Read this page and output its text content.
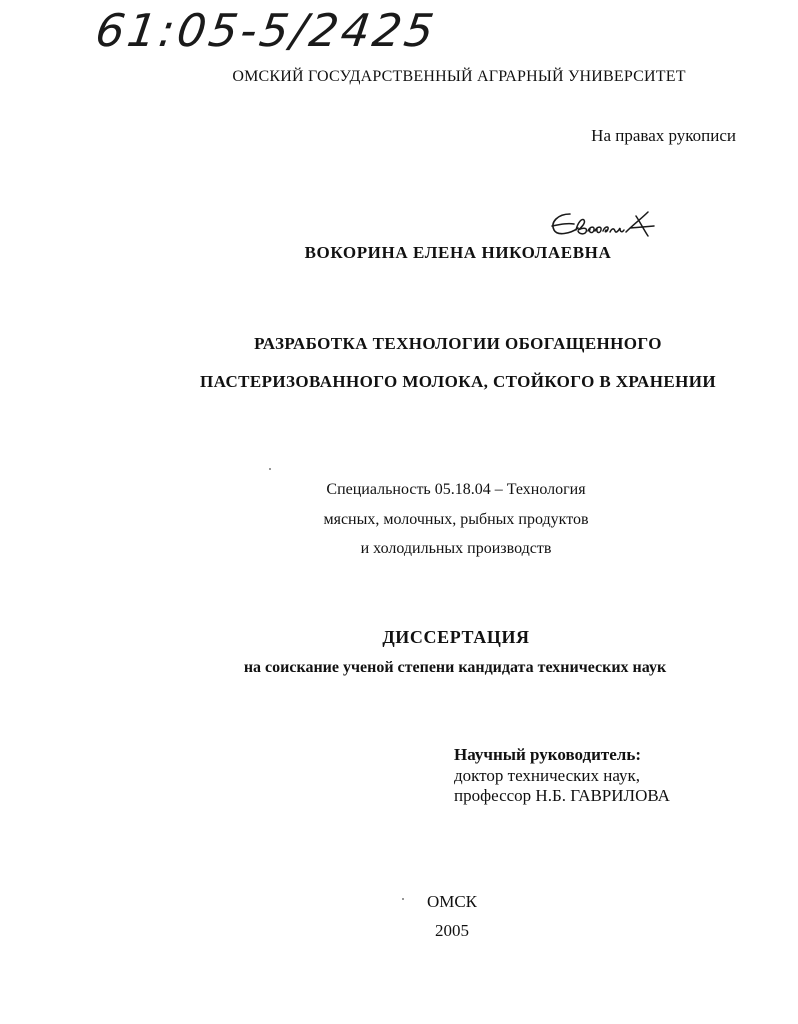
61:05-5/2425
ОМСКИЙ ГОСУДАРСТВЕННЫЙ АГРАРНЫЙ УНИВЕРСИТЕТ
На правах рукописи
ВОКОРИНА ЕЛЕНА НИКОЛАЕВНА
РАЗРАБОТКА ТЕХНОЛОГИИ ОБОГАЩЕННОГО
ПАСТЕРИЗОВАННОГО МОЛОКА, СТОЙКОГО В ХРАНЕНИИ
Специальность 05.18.04 – Технология
мясных, молочных, рыбных продуктов
и холодильных производств
ДИССЕРТАЦИЯ
на соискание ученой степени кандидата технических наук
Научный руководитель:
доктор технических наук,
профессор Н.Б. ГАВРИЛОВА
ОМСК
2005
